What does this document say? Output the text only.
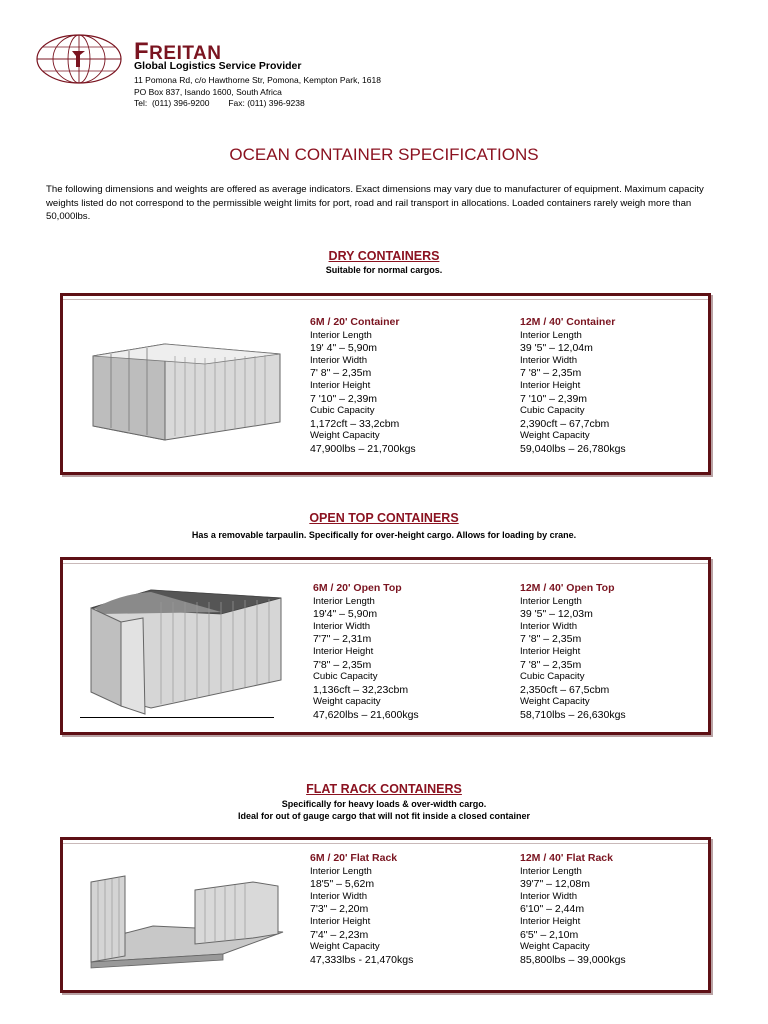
FREITAN
Global Logistics Service Provider
11 Pomona Rd, c/o Hawthorne Str, Pomona, Kempton Park, 1618
PO Box 837, Isando 1600, South Africa
Tel:  (011) 396-9200        Fax: (011) 396-9238
OCEAN CONTAINER SPECIFICATIONS
The following dimensions and weights are offered as average indicators. Exact dimensions may vary due to manufacturer of equipment. Maximum capacity weights listed do not correspond to the permissible weight limits for port, road and rail transport in allocations. Loaded containers rarely weigh more than 50,000lbs.
DRY CONTAINERS
Suitable for normal cargos.
6M / 20' Container
Interior Length
19' 4" – 5,90m
Interior Width
7' 8" – 2,35m
Interior Height
7 '10" – 2,39m
Cubic Capacity
1,172cft – 33,2cbm
Weight Capacity
47,900lbs – 21,700kgs
12M / 40' Container
Interior Length
39 '5" – 12,04m
Interior Width
7 '8" – 2,35m
Interior Height
7 '10" – 2,39m
Cubic Capacity
2,390cft – 67,7cbm
Weight Capacity
59,040lbs – 26,780kgs
OPEN TOP CONTAINERS
Has a removable tarpaulin. Specifically for over-height cargo. Allows for loading by crane.
6M / 20' Open Top
Interior Length
19'4" – 5,90m
Interior Width
7'7" – 2,31m
Interior Height
7'8" – 2,35m
Cubic Capacity
1,136cft – 32,23cbm
Weight capacity
47,620lbs – 21,600kgs
12M / 40' Open Top
Interior Length
39 '5" – 12,03m
Interior Width
7 '8" – 2,35m
Interior Height
7 '8" – 2,35m
Cubic Capacity
2,350cft – 67,5cbm
Weight Capacity
58,710lbs – 26,630kgs
FLAT RACK CONTAINERS
Specifically for heavy loads & over-width cargo.
Ideal for out of gauge cargo that will not fit inside a closed container
6M / 20' Flat Rack
Interior Length
18'5" – 5,62m
Interior Width
7'3" – 2,20m
Interior Height
7'4" – 2,23m
Weight Capacity
47,333lbs - 21,470kgs
12M / 40' Flat Rack
Interior Length
39'7" – 12,08m
Interior Width
6'10" – 2,44m
Interior Height
6'5" – 2,10m
Weight Capacity
85,800lbs – 39,000kgs
